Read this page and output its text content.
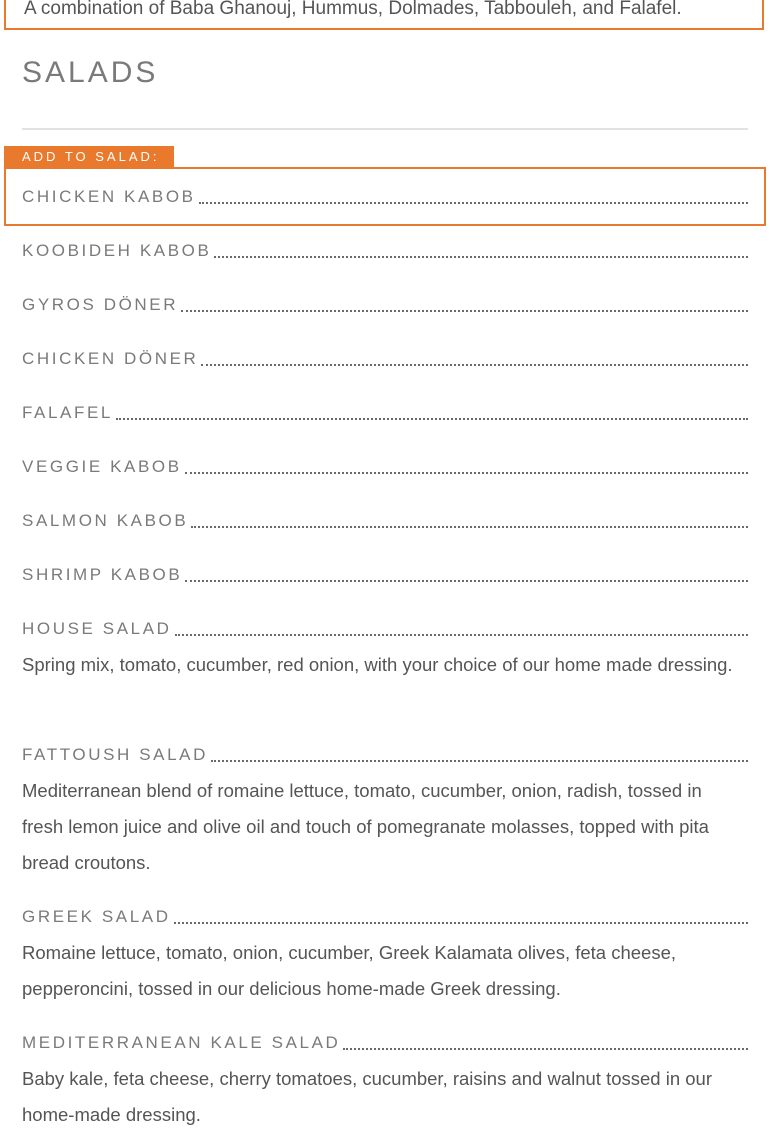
A combination of Baba Ghanouj, Hummus, Dolmades, Tabbouleh, and Falafel.
SALADS
ADD TO SALAD:
CHICKEN KABOB
KOOBIDEH KABOB
GYROS DÖNER
CHICKEN DÖNER
FALAFEL
VEGGIE KABOB
SALMON KABOB
SHRIMP KABOB
HOUSE SALAD
Spring mix, tomato, cucumber, red onion, with your choice of our home made dressing.
FATTOUSH SALAD
Mediterranean blend of romaine lettuce, tomato, cucumber, onion, radish, tossed in fresh lemon juice and olive oil and touch of pomegranate molasses, topped with pita bread croutons.
GREEK SALAD
Romaine lettuce, tomato, onion, cucumber, Greek Kalamata olives, feta cheese, pepperoncini, tossed in our delicious home-made Greek dressing.
MEDITERRANEAN KALE SALAD
Baby kale, feta cheese, cherry tomatoes, cucumber, raisins and walnut tossed in our home-made dressing.
